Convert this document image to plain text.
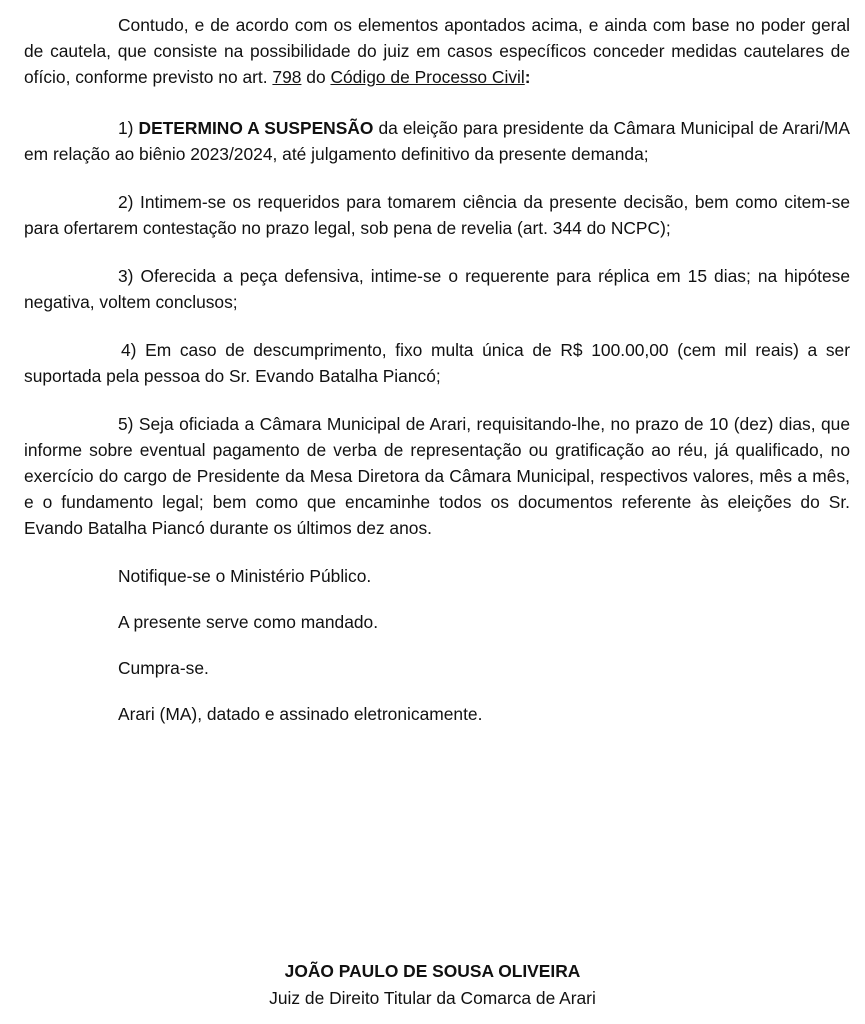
Contudo, e de acordo com os elementos apontados acima, e ainda com base no poder geral de cautela, que consiste na possibilidade do juiz em casos específicos conceder medidas cautelares de ofício, conforme previsto no art. 798 do Código de Processo Civil:

1) DETERMINO A SUSPENSÃO da eleição para presidente da Câmara Municipal de Arari/MA em relação ao biênio 2023/2024, até julgamento definitivo da presente demanda;

2) Intimem-se os requeridos para tomarem ciência da presente decisão, bem como citem-se para ofertarem contestação no prazo legal, sob pena de revelia (art. 344 do NCPC);

3) Oferecida a peça defensiva, intime-se o requerente para réplica em 15 dias; na hipótese negativa, voltem conclusos;

4) Em caso de descumprimento, fixo multa única de R$ 100.00,00 (cem mil reais) a ser suportada pela pessoa do Sr. Evando Batalha Piancó;

5) Seja oficiada a Câmara Municipal de Arari, requisitando-lhe, no prazo de 10 (dez) dias, que informe sobre eventual pagamento de verba de representação ou gratificação ao réu, já qualificado, no exercício do cargo de Presidente da Mesa Diretora da Câmara Municipal, respectivos valores, mês a mês, e o fundamento legal; bem como que encaminhe todos os documentos referente às eleições do Sr. Evando Batalha Piancó durante os últimos dez anos.

Notifique-se o Ministério Público.

A presente serve como mandado.

Cumpra-se.

Arari (MA), datado e assinado eletronicamente.

JOÃO PAULO DE SOUSA OLIVEIRA
Juiz de Direito Titular da Comarca de Arari
